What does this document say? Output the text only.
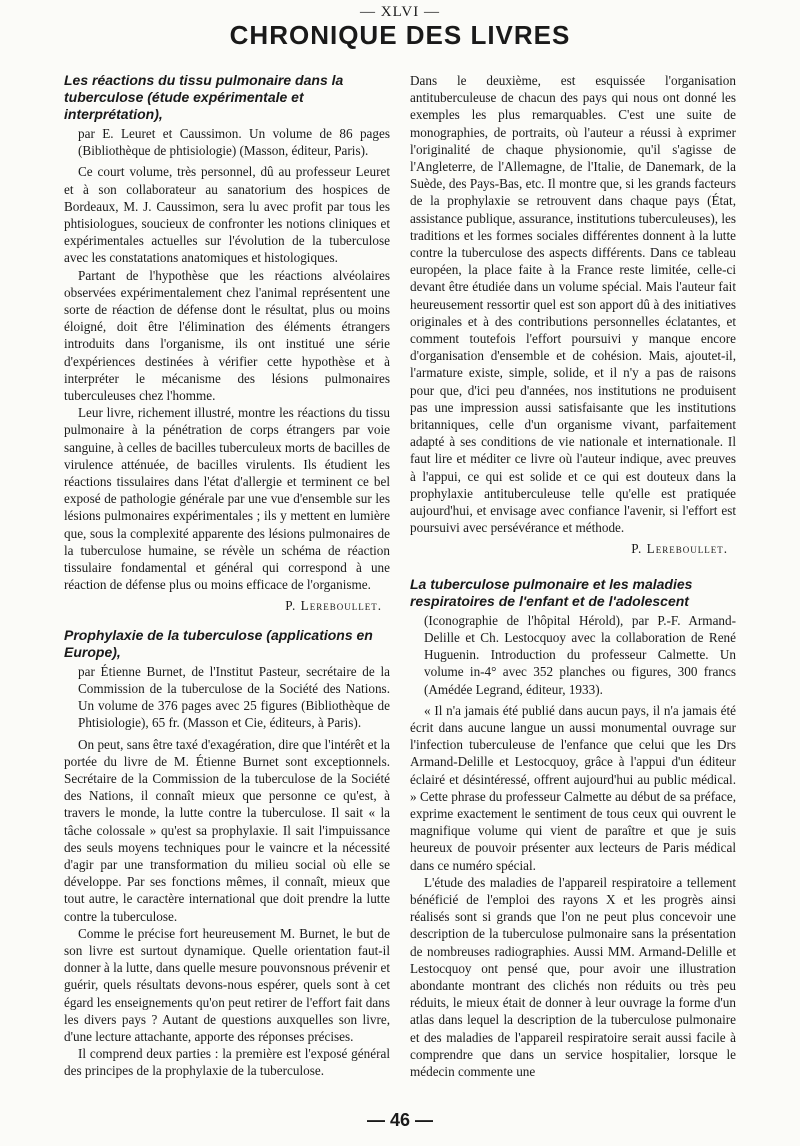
— XLVI —
CHRONIQUE DES LIVRES

Les réactions du tissu pulmonaire dans la tuberculose (étude expérimentale et interprétation),

par E. Leuret et Caussimon. Un volume de 86 pages (Bibliothèque de phtisiologie) (Masson, éditeur, Paris).

Ce court volume, très personnel, dû au professeur Leuret et à son collaborateur au sanatorium des hospices de Bordeaux, M. J. Caussimon, sera lu avec profit par tous les phtisiologues, soucieux de confronter les notions cliniques et expérimentales actuelles sur l'évolution de la tuberculose avec les constatations anatomiques et histologiques.

Partant de l'hypothèse que les réactions alvéolaires observées expérimentalement chez l'animal représentent une sorte de réaction de défense dont le résultat, plus ou moins éloigné, doit être l'élimination des éléments étrangers introduits dans l'organisme, ils ont institué une série d'expériences destinées à vérifier cette hypothèse et à interpréter le mécanisme des lésions pulmonaires tuberculeuses chez l'homme.

Leur livre, richement illustré, montre les réactions du tissu pulmonaire à la pénétration de corps étrangers par voie sanguine, à celles de bacilles tuberculeux morts de bacilles de virulence atténuée, de bacilles virulents. Ils étudient les réactions tissulaires dans l'état d'allergie et terminent ce bel exposé de pathologie générale par une vue d'ensemble sur les lésions pulmonaires expérimentales ; ils y mettent en lumière que, sous la complexité apparente des lésions pulmonaires de la tuberculose humaine, se révèle un schéma de réaction tissulaire fondamental et général qui correspond à une réaction de défense plus ou moins efficace de l'organisme.

P. Lereboullet.

Prophylaxie de la tuberculose (applications en Europe),

par Étienne Burnet, de l'Institut Pasteur, secrétaire de la Commission de la tuberculose de la Société des Nations. Un volume de 376 pages avec 25 figures (Bibliothèque de Phtisiologie), 65 fr. (Masson et Cie, éditeurs, à Paris).

On peut, sans être taxé d'exagération, dire que l'intérêt et la portée du livre de M. Étienne Burnet sont exceptionnels. Secrétaire de la Commission de la tuberculose de la Société des Nations, il connaît mieux que personne ce qu'est, à travers le monde, la lutte contre la tuberculose. Il sait « la tâche colossale » qu'est sa prophylaxie. Il sait l'impuissance des seuls moyens techniques pour le vaincre et la nécessité d'agir par une transformation du milieu social où elle se développe. Par ses fonctions mêmes, il connaît, mieux que tout autre, le caractère international que doit prendre la lutte contre la tuberculose.

Comme le précise fort heureusement M. Burnet, le but de son livre est surtout dynamique. Quelle orientation faut-il donner à la lutte, dans quelle mesure pouvonsnous prévenir et guérir, quels résultats devons-nous espérer, quels sont à cet égard les enseignements qu'on peut retirer de l'effort fait dans les divers pays ? Autant de questions auxquelles son livre, d'une lecture attachante, apporte des réponses précises.

Il comprend deux parties : la première est l'exposé général des principes de la prophylaxie de la tuberculose.

Dans le deuxième, est esquissée l'organisation antituberculeuse de chacun des pays qui nous ont donné les exemples les plus remarquables. C'est une suite de monographies, de portraits, où l'auteur a réussi à exprimer l'originalité de chaque physionomie, qu'il s'agisse de l'Angleterre, de l'Allemagne, de l'Italie, de Danemark, de la Suède, des Pays-Bas, etc. Il montre que, si les grands facteurs de la prophylaxie se retrouvent dans chaque pays (État, assistance publique, assurance, institutions tuberculeuses), les traditions et les formes sociales différentes donnent à la lutte contre la tuberculose des aspects différents. Dans ce tableau européen, la place faite à la France reste limitée, celle-ci devant être étudiée dans un volume spécial. Mais l'auteur fait heureusement ressortir quel est son apport dû à des initiatives originales et à des contributions personnelles éclatantes, et comment toutefois l'effort poursuivi y manque encore d'organisation d'ensemble et de cohésion. Mais, ajoutet-il, l'armature existe, simple, solide, et il n'y a pas de raisons pour que, d'ici peu d'années, nos institutions ne produisent pas une impression aussi satisfaisante que les institutions britanniques, celle d'un organisme vivant, parfaitement adapté à ses conditions de vie nationale et internationale. Il faut lire et méditer ce livre où l'auteur indique, avec preuves à l'appui, ce qui est solide et ce qui est douteux dans la prophylaxie antituberculeuse telle qu'elle est pratiquée aujourd'hui, et envisage avec confiance l'avenir, si l'effort est poursuivi avec persévérance et méthode.

P. Lereboullet.

La tuberculose pulmonaire et les maladies respiratoires de l'enfant et de l'adolescent

(Iconographie de l'hôpital Hérold), par P.-F. Armand-Delille et Ch. Lestocquoy avec la collaboration de René Huguenin. Introduction du professeur Calmette. Un volume in-4° avec 352 planches ou figures, 300 francs (Amédée Legrand, éditeur, 1933).

« Il n'a jamais été publié dans aucun pays, il n'a jamais été écrit dans aucune langue un aussi monumental ouvrage sur l'infection tuberculeuse de l'enfance que celui que les Drs Armand-Delille et Lestocquoy, grâce à l'appui d'un éditeur éclairé et désintéressé, offrent aujourd'hui au public médical. » Cette phrase du professeur Calmette au début de sa préface, exprime exactement le sentiment de tous ceux qui ouvrent le magnifique volume qui vient de paraître et que je suis heureux de pouvoir présenter aux lecteurs de Paris médical dans ce numéro spécial.

L'étude des maladies de l'appareil respiratoire a tellement bénéficié de l'emploi des rayons X et les progrès ainsi réalisés sont si grands que l'on ne peut plus concevoir une description de la tuberculose pulmonaire sans la présentation de nombreuses radiographies. Aussi MM. Armand-Delille et Lestocquoy ont pensé que, pour avoir une illustration abondante montrant des clichés non réduits ou très peu réduits, le mieux était de donner à leur ouvrage la forme d'un atlas dans lequel la description de la tuberculose pulmonaire et des maladies de l'appareil respiratoire serait aussi facile à comprendre que dans un service hospitalier, lorsque le médecin commente une

— 46 —
